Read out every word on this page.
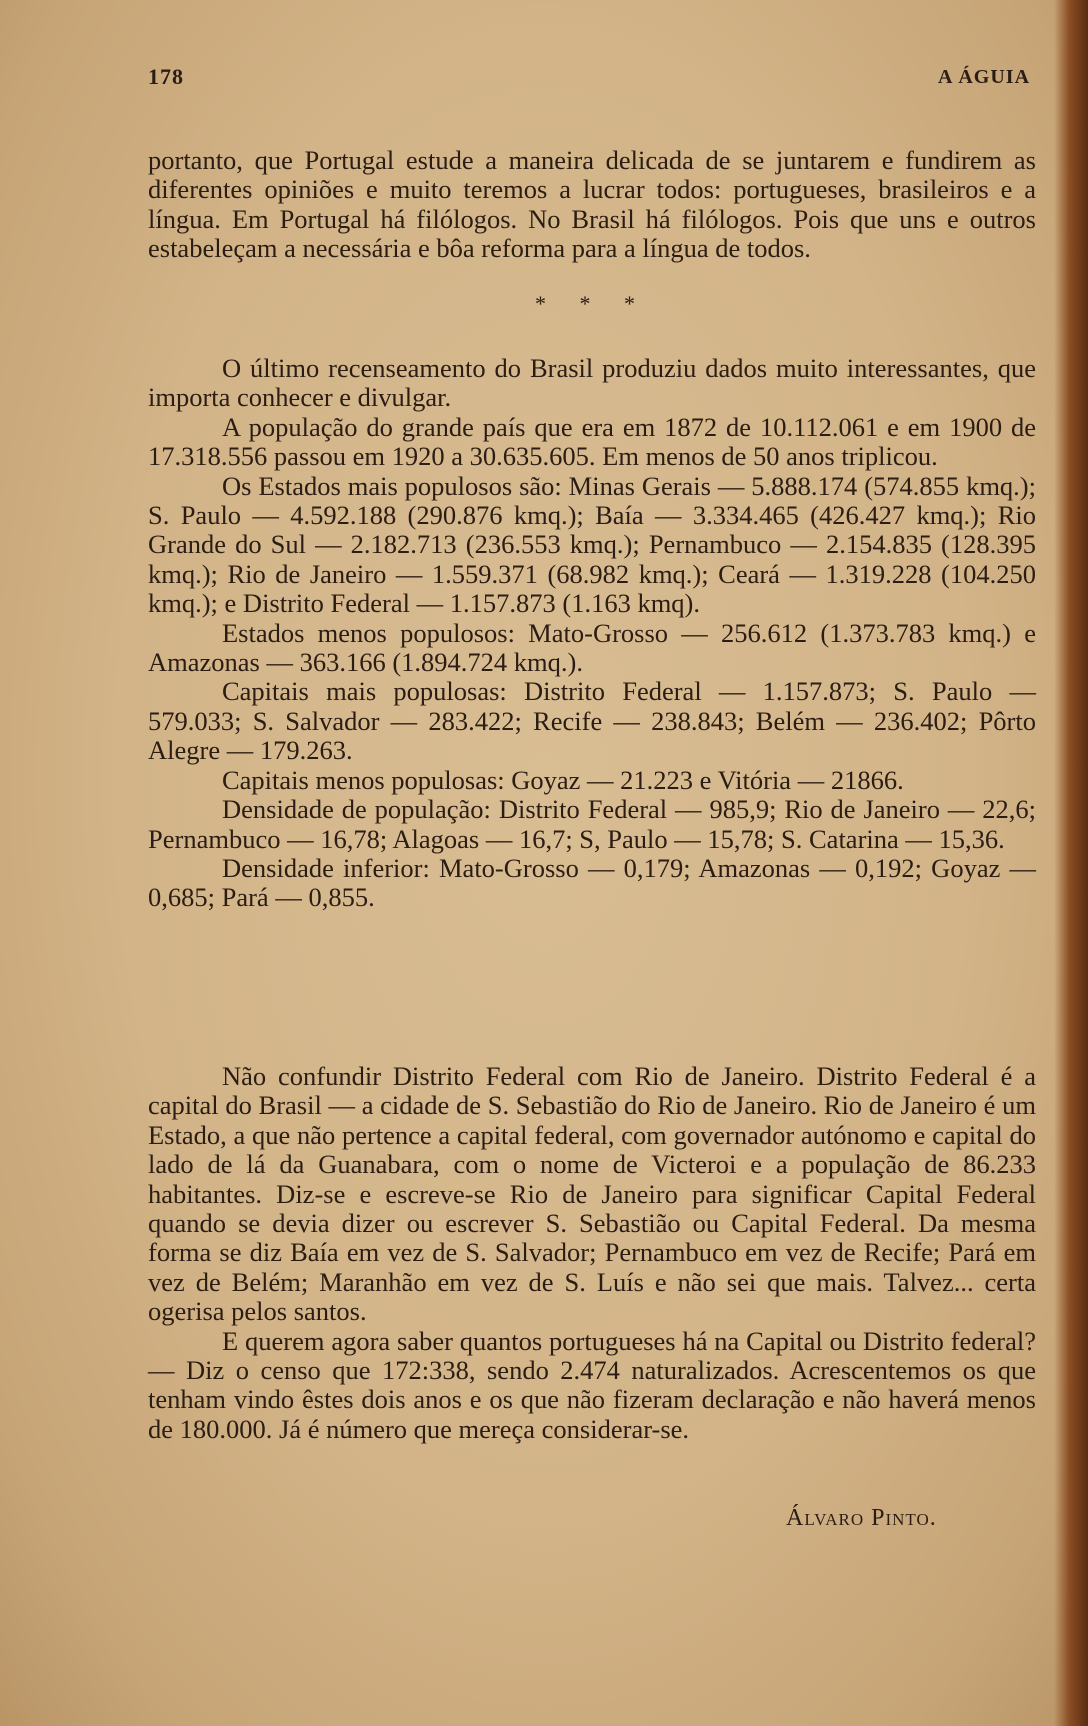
178	A ÁGUIA

portanto, que Portugal estude a maneira delicada de se juntarem e fundirem as diferentes opiniões e muito teremos a lucrar todos: portugueses, brasileiros e a língua. Em Portugal há filólogos. No Brasil há filólogos. Pois que uns e outros estabeleçam a necessária e bôa reforma para a língua de todos.

* * *

O último recenseamento do Brasil produziu dados muito interessantes, que importa conhecer e divulgar.

A população do grande país que era em 1872 de 10.112.061 e em 1900 de 17.318.556 passou em 1920 a 30.635.605. Em menos de 50 anos triplicou.

Os Estados mais populosos são: Minas Gerais — 5.888.174 (574.855 kmq.); S. Paulo — 4.592.188 (290.876 kmq.); Baía — 3.334.465 (426.427 kmq.); Rio Grande do Sul — 2.182.713 (236.553 kmq.); Pernambuco — 2.154.835 (128.395 kmq.); Rio de Janeiro — 1.559.371 (68.982 kmq.); Ceará — 1.319.228 (104.250 kmq.); e Distrito Federal — 1.157.873 (1.163 kmq).

Estados menos populosos: Mato-Grosso — 256.612 (1.373.783 kmq.) e Amazonas — 363.166 (1.894.724 kmq.).

Capitais mais populosas: Distrito Federal — 1.157.873; S. Paulo — 579.033; S. Salvador — 283.422; Recife — 238.843; Belém — 236.402; Pôrto Alegre — 179.263.

Capitais menos populosas: Goyaz — 21.223 e Vitória — 21866.

Densidade de população: Distrito Federal — 985,9; Rio de Janeiro — 22,6; Pernambuco — 16,78; Alagoas — 16,7; S, Paulo — 15,78; S. Catarina — 15,36.

Densidade inferior: Mato-Grosso — 0,179; Amazonas — 0,192; Goyaz — 0,685; Pará — 0,855.

Não confundir Distrito Federal com Rio de Janeiro. Distrito Federal é a capital do Brasil — a cidade de S. Sebastião do Rio de Janeiro. Rio de Janeiro é um Estado, a que não pertence a capital federal, com governador autónomo e capital do lado de lá da Guanabara, com o nome de Victeroi e a população de 86.233 habitantes. Diz-se e escreve-se Rio de Janeiro para significar Capital Federal quando se devia dizer ou escrever S. Sebastião ou Capital Federal. Da mesma forma se diz Baía em vez de S. Salvador; Pernambuco em vez de Recife; Pará em vez de Belém; Maranhão em vez de S. Luís e não sei que mais. Talvez... certa ogerisa pelos santos.

E querem agora saber quantos portugueses há na Capital ou Distrito federal? — Diz o censo que 172:338, sendo 2.474 naturalizados. Acrescentemos os que tenham vindo êstes dois anos e os que não fizeram declaração e não haverá menos de 180.000. Já é número que mereça considerar-se.

Álvaro Pinto.
